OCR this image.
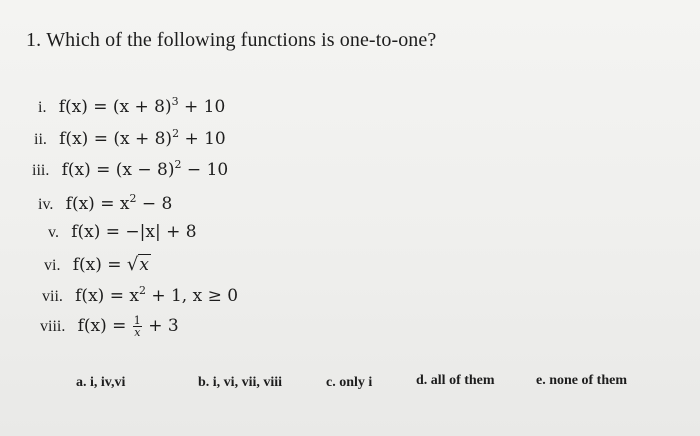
1. Which of the following functions is one-to-one?
i. $f(x) = (x + 8)^3 + 10$
ii. $f(x) = (x + 8)^2 + 10$
iii. $f(x) = (x - 8)^2 - 10$
iv. $f(x) = x^2 - 8$
v. f(x) = −|x| + 8
vi. f(x) = √x
vii. $f(x) = x^2 + 1$, x ≥ 0
viii. $f(x) = \frac{1}{x} + 3$
a. i, iv,vi	b. i, vi, vii, viii	c. only i	d. all of them	e. none of them
